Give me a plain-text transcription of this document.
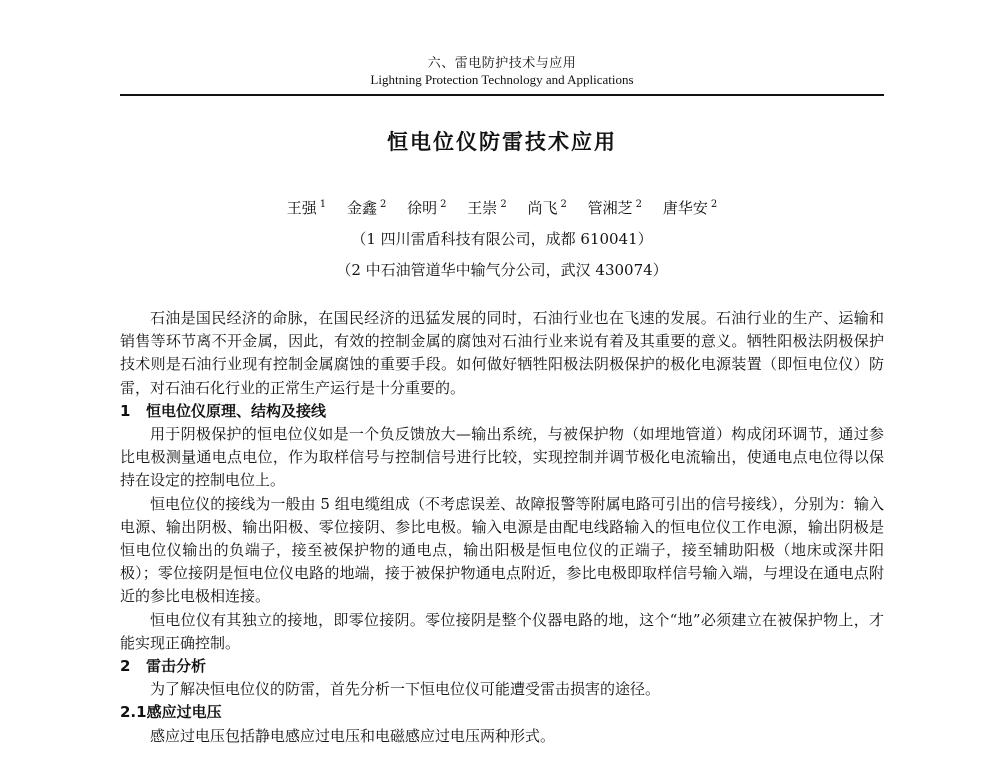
六、雷电防护技术与应用
Lightning Protection Technology and Applications
恒电位仪防雷技术应用
王强 $^1$ 金鑫 $^2$ 徐明 $^2$ 王崇 $^2$ 尚飞 $^2$ 管湘芝 $^2$ 唐华安 $^2$
（1 四川雷盾科技有限公司，成都 610041）
（2 中石油管道华中输气分公司，武汉 430074）

石油是国民经济的命脉，在国民经济的迅猛发展的同时，石油行业也在飞速的发展。石油行业的生产、运输和销售等环节离不开金属，因此，有效的控制金属的腐蚀对石油行业来说有着及其重要的意义。牺牲阳极法阴极保护技术则是石油行业现有控制金属腐蚀的重要手段。如何做好牺牲阳极法阴极保护的极化电源装置（即恒电位仪）防雷，对石油石化行业的正常生产运行是十分重要的。

1 恒电位仪原理、结构及接线

用于阴极保护的恒电位仪如是一个负反馈放大—输出系统，与被保护物（如埋地管道）构成闭环调节，通过参比电极测量通电点电位，作为取样信号与控制信号进行比较，实现控制并调节极化电流输出，使通电点电位得以保持在设定的控制电位上。

恒电位仪的接线为一般由 5 组电缆组成（不考虑误差、故障报警等附属电路可引出的信号接线），分别为：输入电源、输出阴极、输出阳极、零位接阴、参比电极。输入电源是由配电线路输入的恒电位仪工作电源，输出阴极是恒电位仪输出的负端子，接至被保护物的通电点，输出阳极是恒电位仪的正端子，接至辅助阳极（地床或深井阳极）；零位接阴是恒电位仪电路的地端，接于被保护物通电点附近，参比电极即取样信号输入端，与埋设在通电点附近的参比电极相连接。

恒电位仪有其独立的接地，即零位接阴。零位接阴是整个仪器电路的地，这个“地”必须建立在被保护物上，才能实现正确控制。

2 雷击分析

为了解决恒电位仪的防雷，首先分析一下恒电位仪可能遭受雷击损害的途径。

2.1感应过电压

感应过电压包括静电感应过电压和电磁感应过电压两种形式。
